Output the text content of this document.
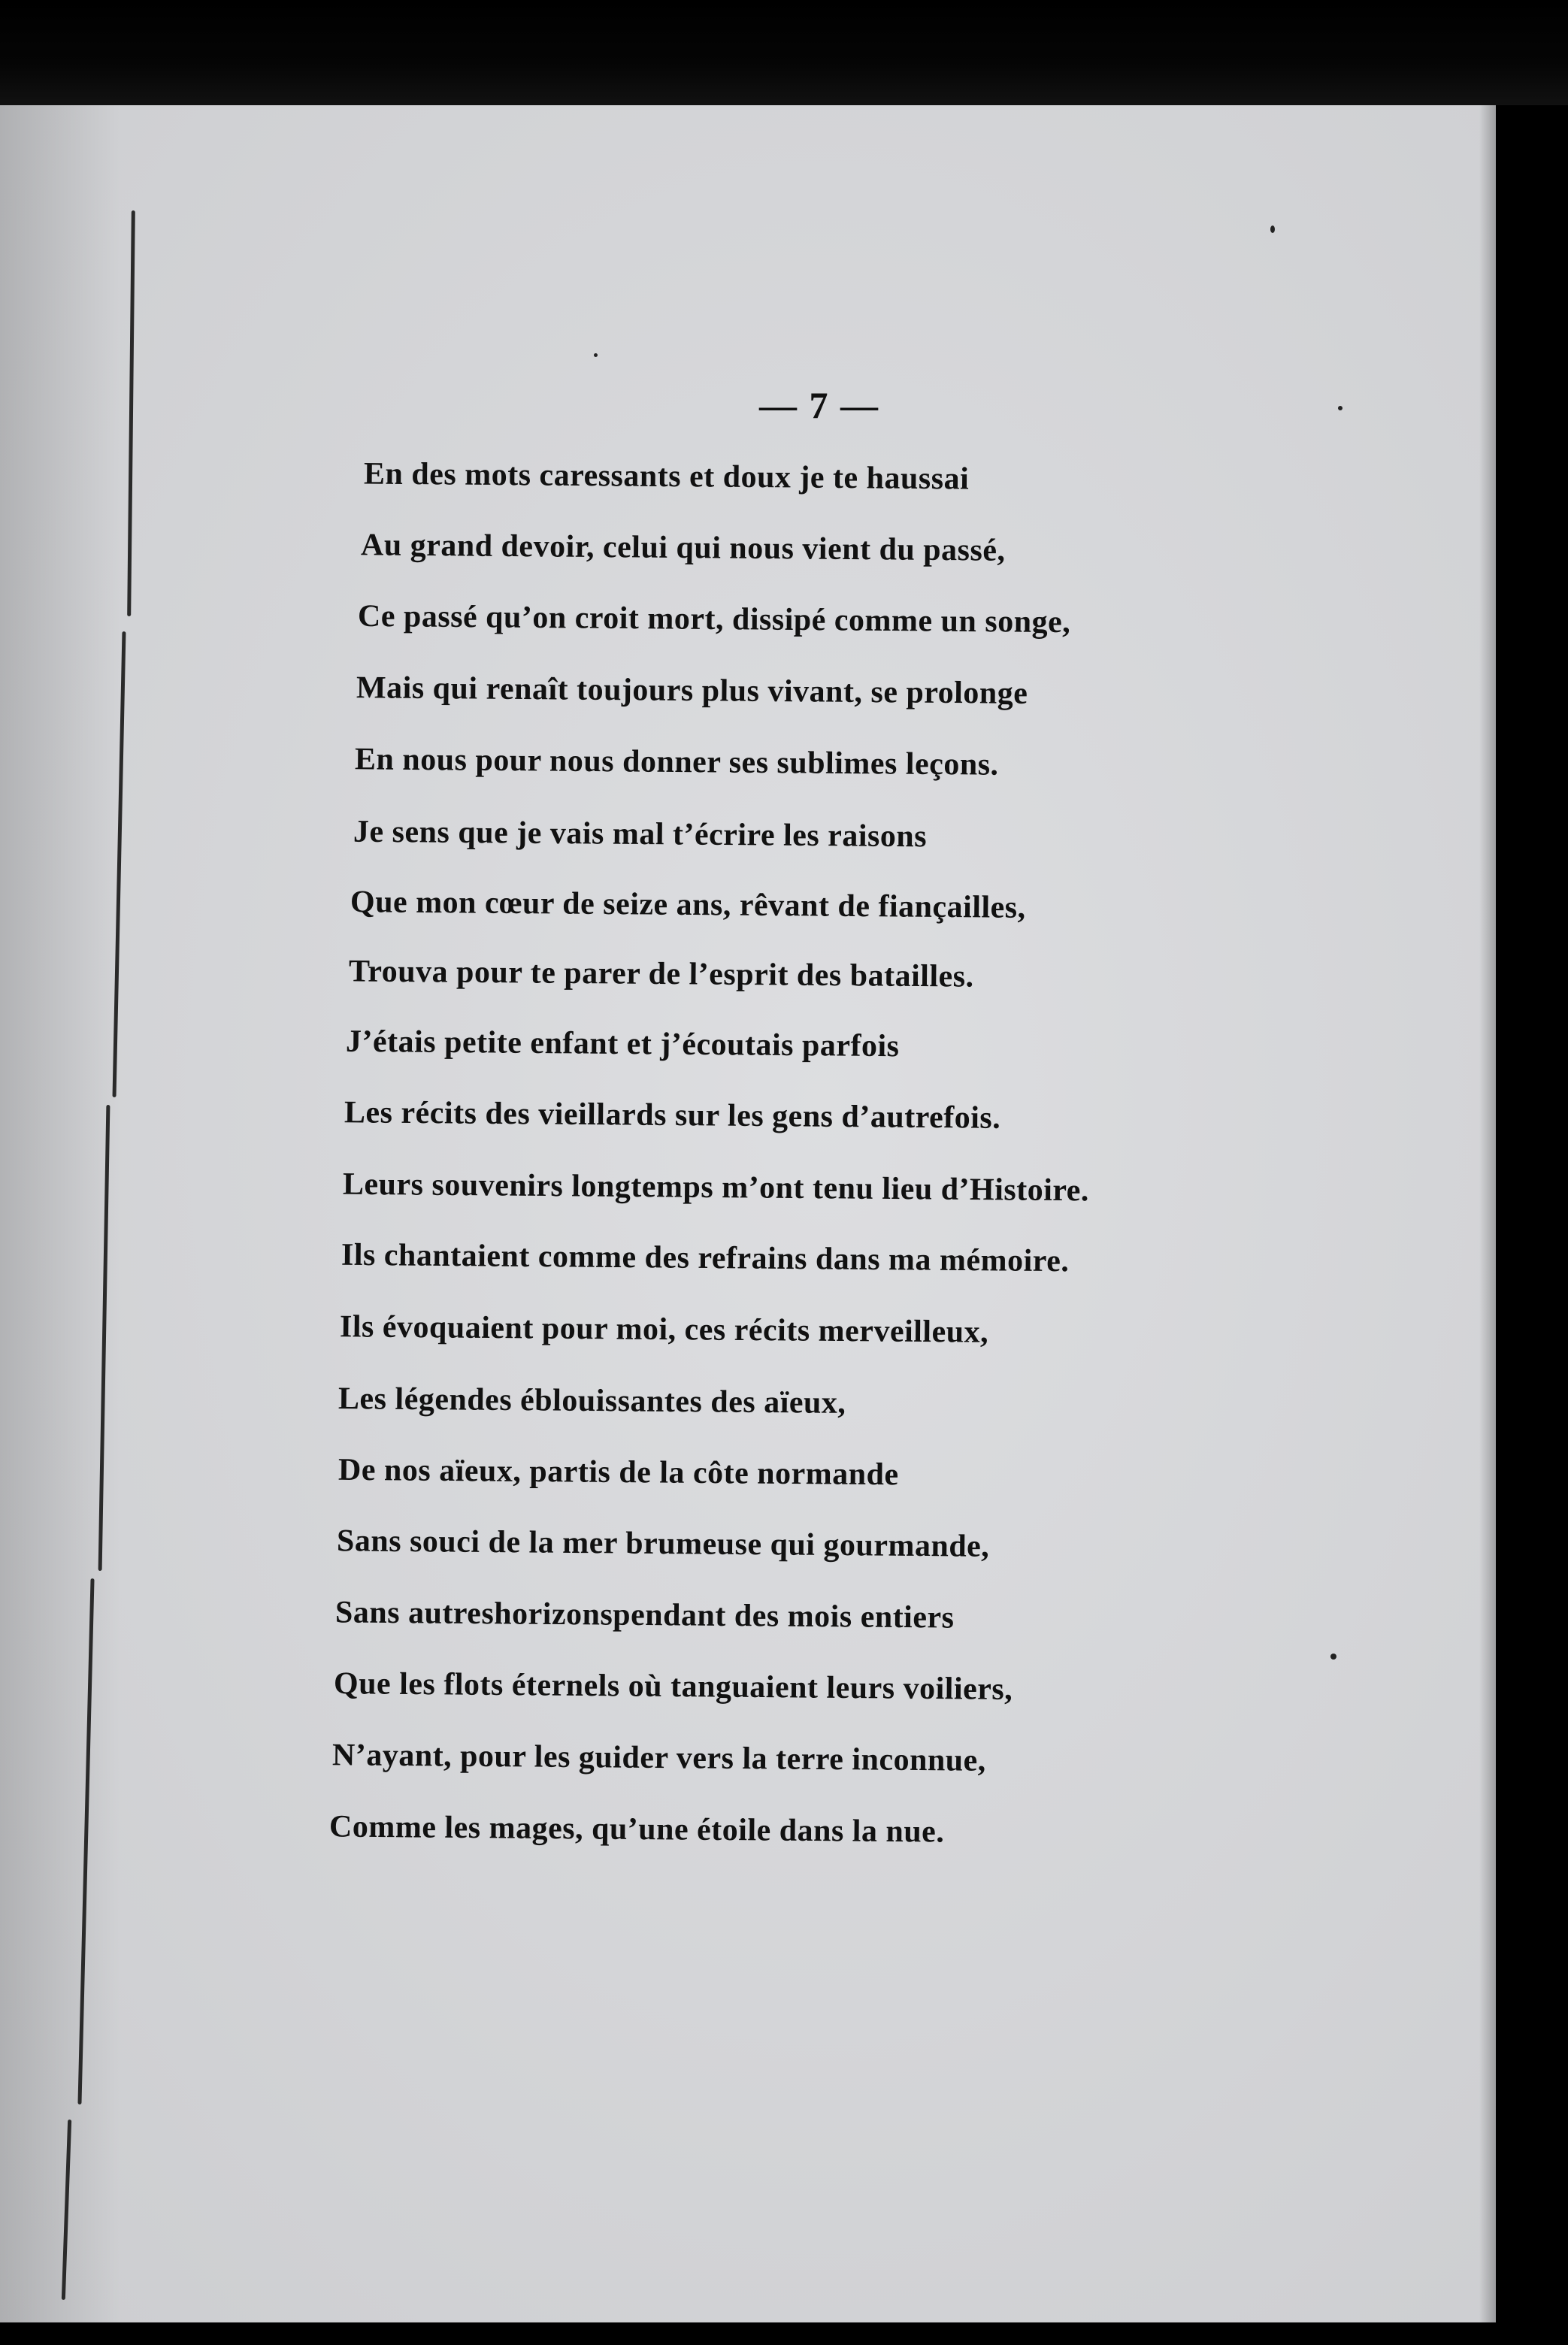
— 7 —
En des mots caressants et doux je te haussai
Au grand devoir, celui qui nous vient du passé,
Ce passé qu’on croit mort, dissipé comme un songe,
Mais qui renaît toujours plus vivant, se prolonge
En nous pour nous donner ses sublimes leçons.
Je sens que je vais mal t’écrire les raisons
Que mon cœur de seize ans, rêvant de fiançailles,
Trouva pour te parer de l’esprit des batailles.
J’étais petite enfant et j’écoutais parfois
Les récits des vieillards sur les gens d’autrefois.
Leurs souvenirs longtemps m’ont tenu lieu d’Histoire.
Ils chantaient comme des refrains dans ma mémoire.
Ils évoquaient pour moi, ces récits merveilleux,
Les légendes éblouissantes des aïeux,
De nos aïeux, partis de la côte normande
Sans souci de la mer brumeuse qui gourmande,
Sans autreshorizonspendant des mois entiers
Que les flots éternels où tanguaient leurs voiliers,
N’ayant, pour les guider vers la terre inconnue,
Comme les mages, qu’une étoile dans la nue.
